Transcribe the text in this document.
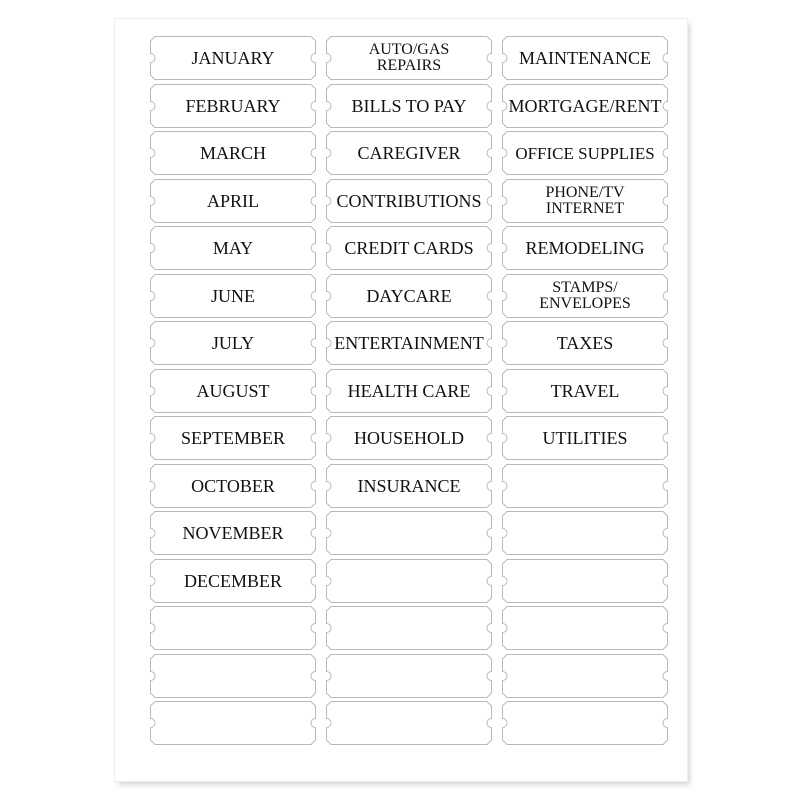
JANUARY
FEBRUARY
MARCH
APRIL
MAY
JUNE
JULY
AUGUST
SEPTEMBER
OCTOBER
NOVEMBER
DECEMBER
AUTO/GAS
REPAIRS
BILLS TO PAY
CAREGIVER
CONTRIBUTIONS
CREDIT CARDS
DAYCARE
ENTERTAINMENT
HEALTH CARE
HOUSEHOLD
INSURANCE
MAINTENANCE
MORTGAGE/RENT
OFFICE SUPPLIES
PHONE/TV
INTERNET
REMODELING
STAMPS/
ENVELOPES
TAXES
TRAVEL
UTILITIES
